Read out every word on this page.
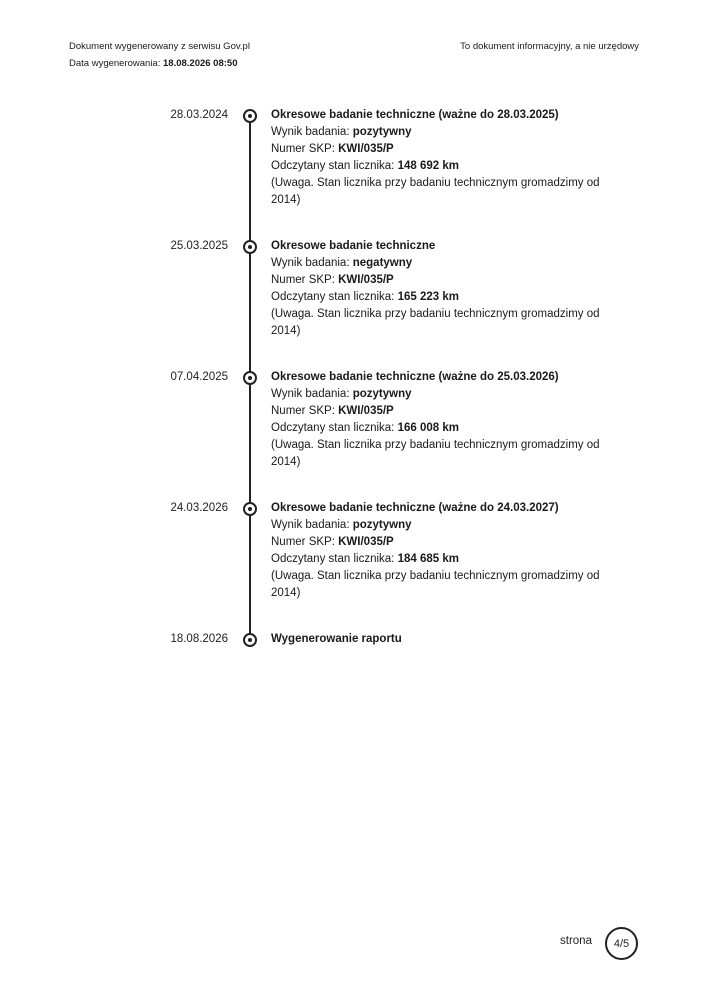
Dokument wygenerowany z serwisu Gov.pl
Data wygenerowania: 18.08.2026 08:50
To dokument informacyjny, a nie urzędowy
28.03.2024	Okresowe badanie techniczne (ważne do 28.03.2025)
Wynik badania: pozytywny
Numer SKP: KWI/035/P
Odczytany stan licznika: 148 692 km
(Uwaga. Stan licznika przy badaniu technicznym gromadzimy od 2014)
25.03.2025	Okresowe badanie techniczne
Wynik badania: negatywny
Numer SKP: KWI/035/P
Odczytany stan licznika: 165 223 km
(Uwaga. Stan licznika przy badaniu technicznym gromadzimy od 2014)
07.04.2025	Okresowe badanie techniczne (ważne do 25.03.2026)
Wynik badania: pozytywny
Numer SKP: KWI/035/P
Odczytany stan licznika: 166 008 km
(Uwaga. Stan licznika przy badaniu technicznym gromadzimy od 2014)
24.03.2026	Okresowe badanie techniczne (ważne do 24.03.2027)
Wynik badania: pozytywny
Numer SKP: KWI/035/P
Odczytany stan licznika: 184 685 km
(Uwaga. Stan licznika przy badaniu technicznym gromadzimy od 2014)
18.08.2026	Wygenerowanie raportu
strona 4 / 5
